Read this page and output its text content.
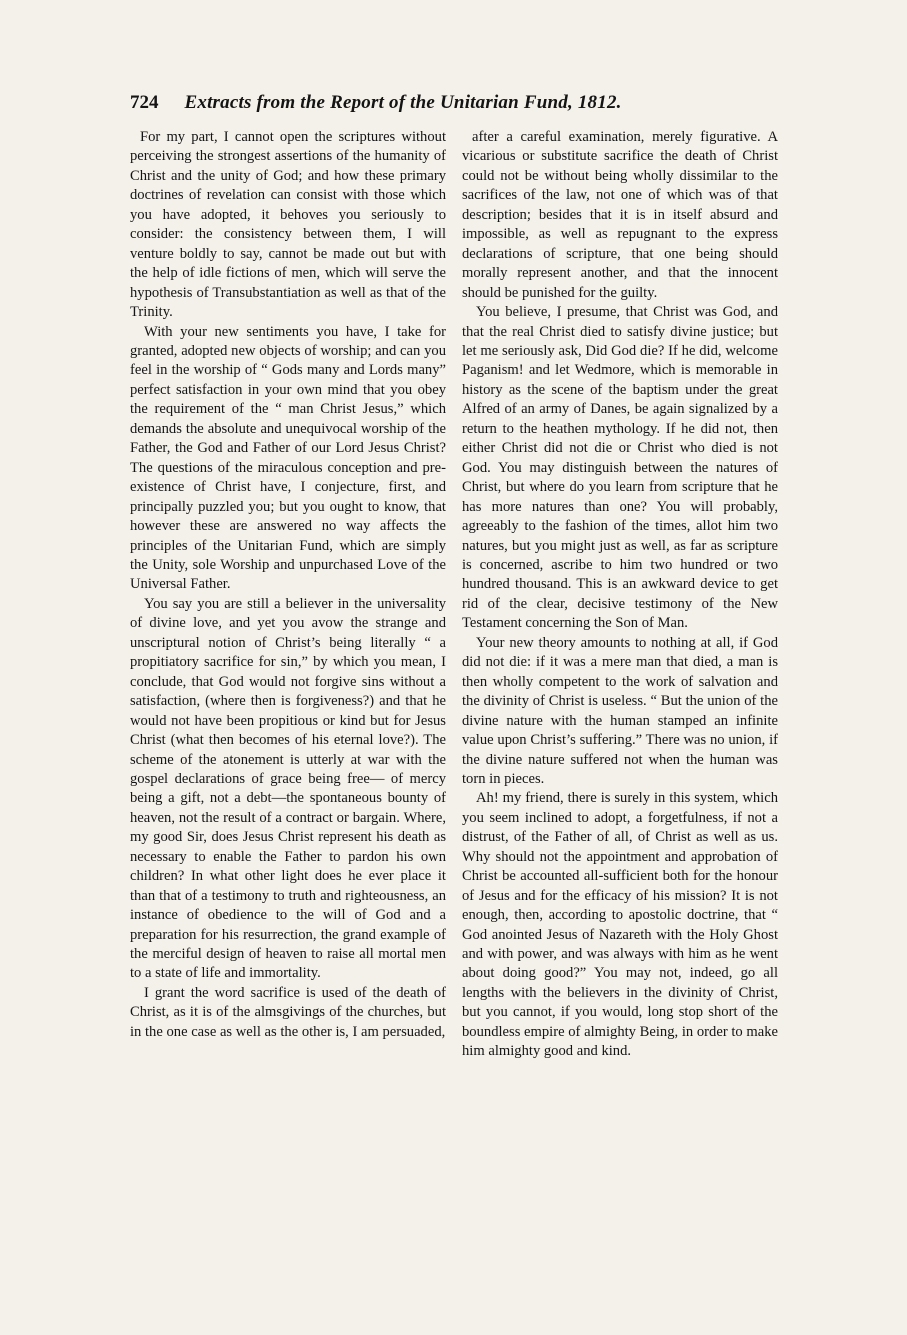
724 Extracts from the Report of the Unitarian Fund, 1812.

For my part, I cannot open the scriptures without perceiving the strongest assertions of the humanity of Christ and the unity of God; and how these primary doctrines of revelation can consist with those which you have adopted, it behoves you seriously to consider: the consistency between them, I will venture boldly to say, cannot be made out but with the help of idle fictions of men, which will serve the hypothesis of Transubstantiation as well as that of the Trinity.

With your new sentiments you have, I take for granted, adopted new objects of worship; and can you feel in the worship of “ Gods many and Lords many” perfect satisfaction in your own mind that you obey the requirement of the “ man Christ Jesus,” which demands the absolute and unequivocal worship of the Father, the God and Father of our Lord Jesus Christ? The questions of the miraculous conception and pre-existence of Christ have, I conjecture, first, and principally puzzled you; but you ought to know, that however these are answered no way affects the principles of the Unitarian Fund, which are simply the Unity, sole Worship and unpurchased Love of the Universal Father.

You say you are still a believer in the universality of divine love, and yet you avow the strange and unscriptural notion of Christ’s being literally “ a propitiatory sacrifice for sin,” by which you mean, I conclude, that God would not forgive sins without a satisfaction, (where then is forgiveness?) and that he would not have been propitious or kind but for Jesus Christ (what then becomes of his eternal love?). The scheme of the atonement is utterly at war with the gospel declarations of grace being free— of mercy being a gift, not a debt—the spontaneous bounty of heaven, not the result of a contract or bargain. Where, my good Sir, does Jesus Christ represent his death as necessary to enable the Father to pardon his own children? In what other light does he ever place it than that of a testimony to truth and righteousness, an instance of obedience to the will of God and a preparation for his resurrection, the grand example of the merciful design of heaven to raise all mortal men to a state of life and immortality.

I grant the word sacrifice is used of the death of Christ, as it is of the almsgivings of the churches, but in the one case as well as the other is, I am persuaded,

after a careful examination, merely figurative. A vicarious or substitute sacrifice the death of Christ could not be without being wholly dissimilar to the sacrifices of the law, not one of which was of that description; besides that it is in itself absurd and impossible, as well as repugnant to the express declarations of scripture, that one being should morally represent another, and that the innocent should be punished for the guilty.

You believe, I presume, that Christ was God, and that the real Christ died to satisfy divine justice; but let me seriously ask, Did God die? If he did, welcome Paganism! and let Wedmore, which is memorable in history as the scene of the baptism under the great Alfred of an army of Danes, be again signalized by a return to the heathen mythology. If he did not, then either Christ did not die or Christ who died is not God. You may distinguish between the natures of Christ, but where do you learn from scripture that he has more natures than one? You will probably, agreeably to the fashion of the times, allot him two natures, but you might just as well, as far as scripture is concerned, ascribe to him two hundred or two hundred thousand. This is an awkward device to get rid of the clear, decisive testimony of the New Testament concerning the Son of Man.

Your new theory amounts to nothing at all, if God did not die: if it was a mere man that died, a man is then wholly competent to the work of salvation and the divinity of Christ is useless. “ But the union of the divine nature with the human stamped an infinite value upon Christ’s suffering.” There was no union, if the divine nature suffered not when the human was torn in pieces.

Ah! my friend, there is surely in this system, which you seem inclined to adopt, a forgetfulness, if not a distrust, of the Father of all, of Christ as well as us. Why should not the appointment and approbation of Christ be accounted all-sufficient both for the honour of Jesus and for the efficacy of his mission? It is not enough, then, according to apostolic doctrine, that “ God anointed Jesus of Nazareth with the Holy Ghost and with power, and was always with him as he went about doing good?” You may not, indeed, go all lengths with the believers in the divinity of Christ, but you cannot, if you would, long stop short of the boundless empire of almighty Being, in order to make him almighty good and kind.
